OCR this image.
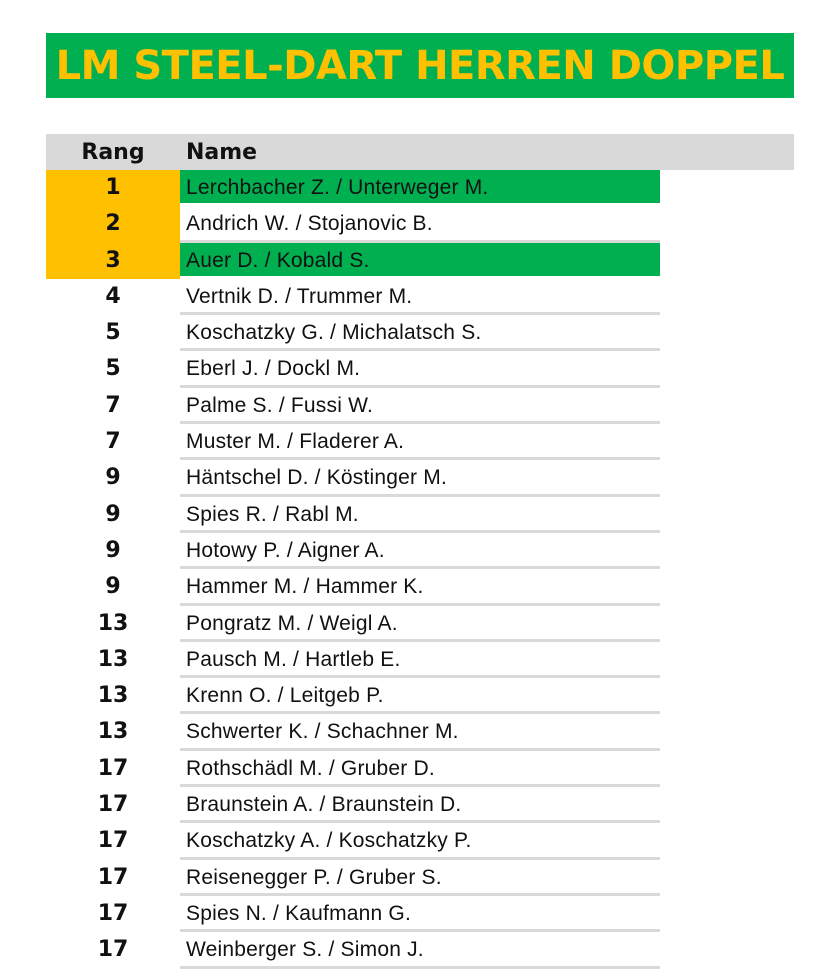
LM STEEL-DART HERREN DOPPEL
Rang	Name
1	Lerchbacher Z. / Unterweger M.
2	Andrich W. / Stojanovic B.
3	Auer D. / Kobald S.
4	Vertnik D. / Trummer M.
5	Koschatzky G. / Michalatsch S.
5	Eberl J. / Dockl M.
7	Palme S. / Fussi W.
7	Muster M. / Fladerer A.
9	Häntschel D. / Köstinger M.
9	Spies R. / Rabl M.
9	Hotowy P. / Aigner A.
9	Hammer M. / Hammer K.
13	Pongratz M. / Weigl A.
13	Pausch M. / Hartleb E.
13	Krenn O. / Leitgeb P.
13	Schwerter K. / Schachner M.
17	Rothschädl M. / Gruber D.
17	Braunstein A. / Braunstein D.
17	Koschatzky A. / Koschatzky P.
17	Reisenegger P. / Gruber S.
17	Spies N. / Kaufmann G.
17	Weinberger S. / Simon J.
